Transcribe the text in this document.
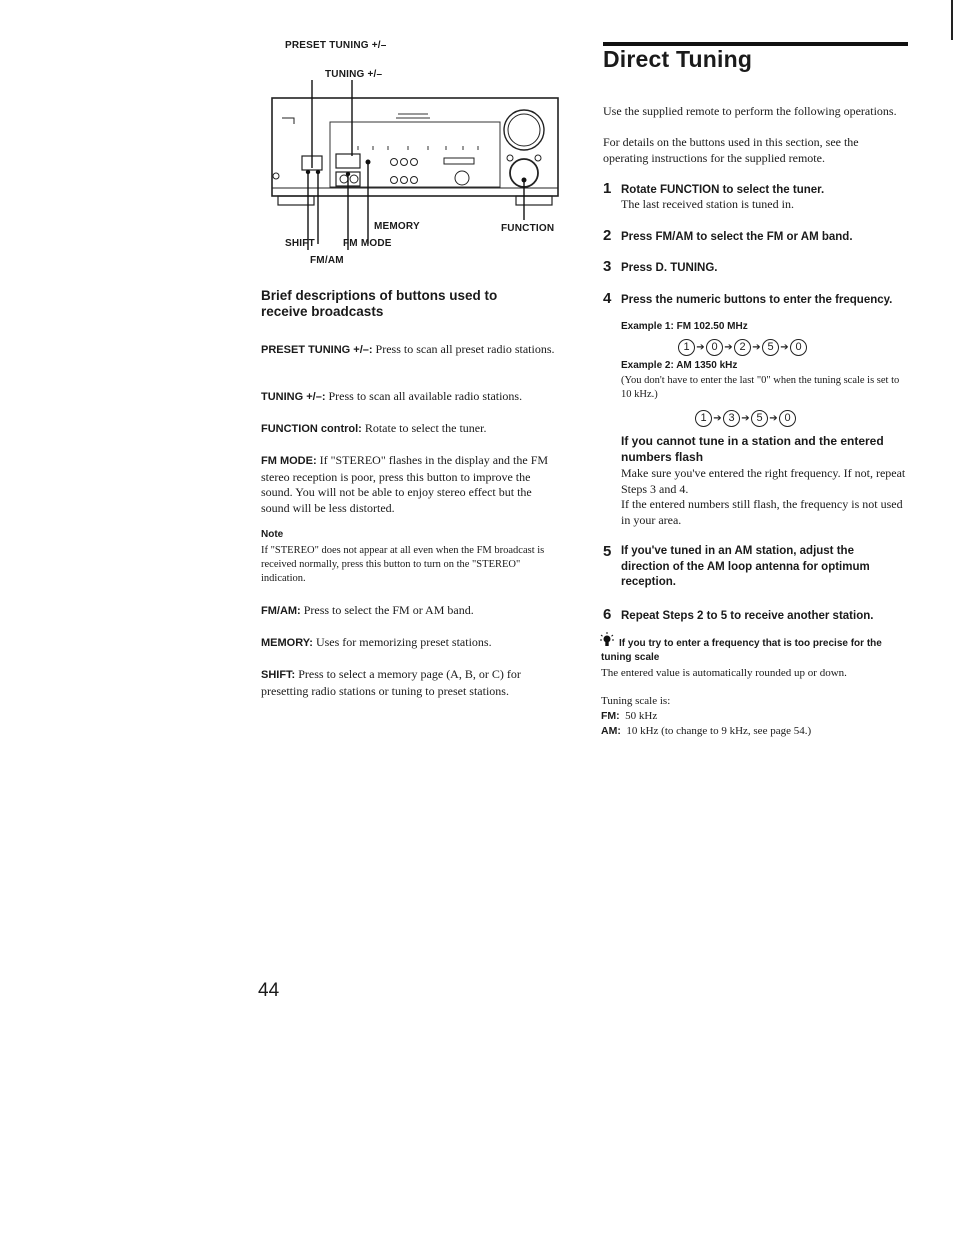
PRESET TUNING +/–
TUNING +/–
MEMORY	FUNCTION
SHIFT	FM MODE
FM/AM
Brief descriptions of buttons used to receive broadcasts
PRESET TUNING +/–: Press to scan all preset radio stations.
TUNING +/–: Press to scan all available radio stations.
FUNCTION control: Rotate to select the tuner.
FM MODE: If "STEREO" flashes in the display and the FM stereo reception is poor, press this button to improve the sound. You will not be able to enjoy stereo effect but the sound will be less distorted.
Note
If "STEREO" does not appear at all even when the FM broadcast is received normally, press this button to turn on the "STEREO" indication.
FM/AM: Press to select the FM or AM band.
MEMORY: Uses for memorizing preset stations.
SHIFT: Press to select a memory page (A, B, or C) for presetting radio stations or tuning to preset stations.
Direct Tuning
Use the supplied remote to perform the following operations.
For details on the buttons used in this section, see the operating instructions for the supplied remote.
1 Rotate FUNCTION to select the tuner.
The last received station is tuned in.
2 Press FM/AM to select the FM or AM band.
3 Press D. TUNING.
4 Press the numeric buttons to enter the frequency.
Example 1: FM 102.50 MHz
1 ➔ 0 ➔ 2 ➔ 5 ➔ 0
Example 2: AM 1350 kHz
(You don't have to enter the last "0" when the tuning scale is set to 10 kHz.)
1 ➔ 3 ➔ 5 ➔ 0
If you cannot tune in a station and the entered numbers flash
Make sure you've entered the right frequency. If not, repeat Steps 3 and 4.
If the entered numbers still flash, the frequency is not used in your area.
5 If you've tuned in an AM station, adjust the direction of the AM loop antenna for optimum reception.
6 Repeat Steps 2 to 5 to receive another station.
If you try to enter a frequency that is too precise for the tuning scale
The entered value is automatically rounded up or down.
Tuning scale is:
FM:  50 kHz
AM:  10 kHz (to change to 9 kHz, see page 54.)
44
